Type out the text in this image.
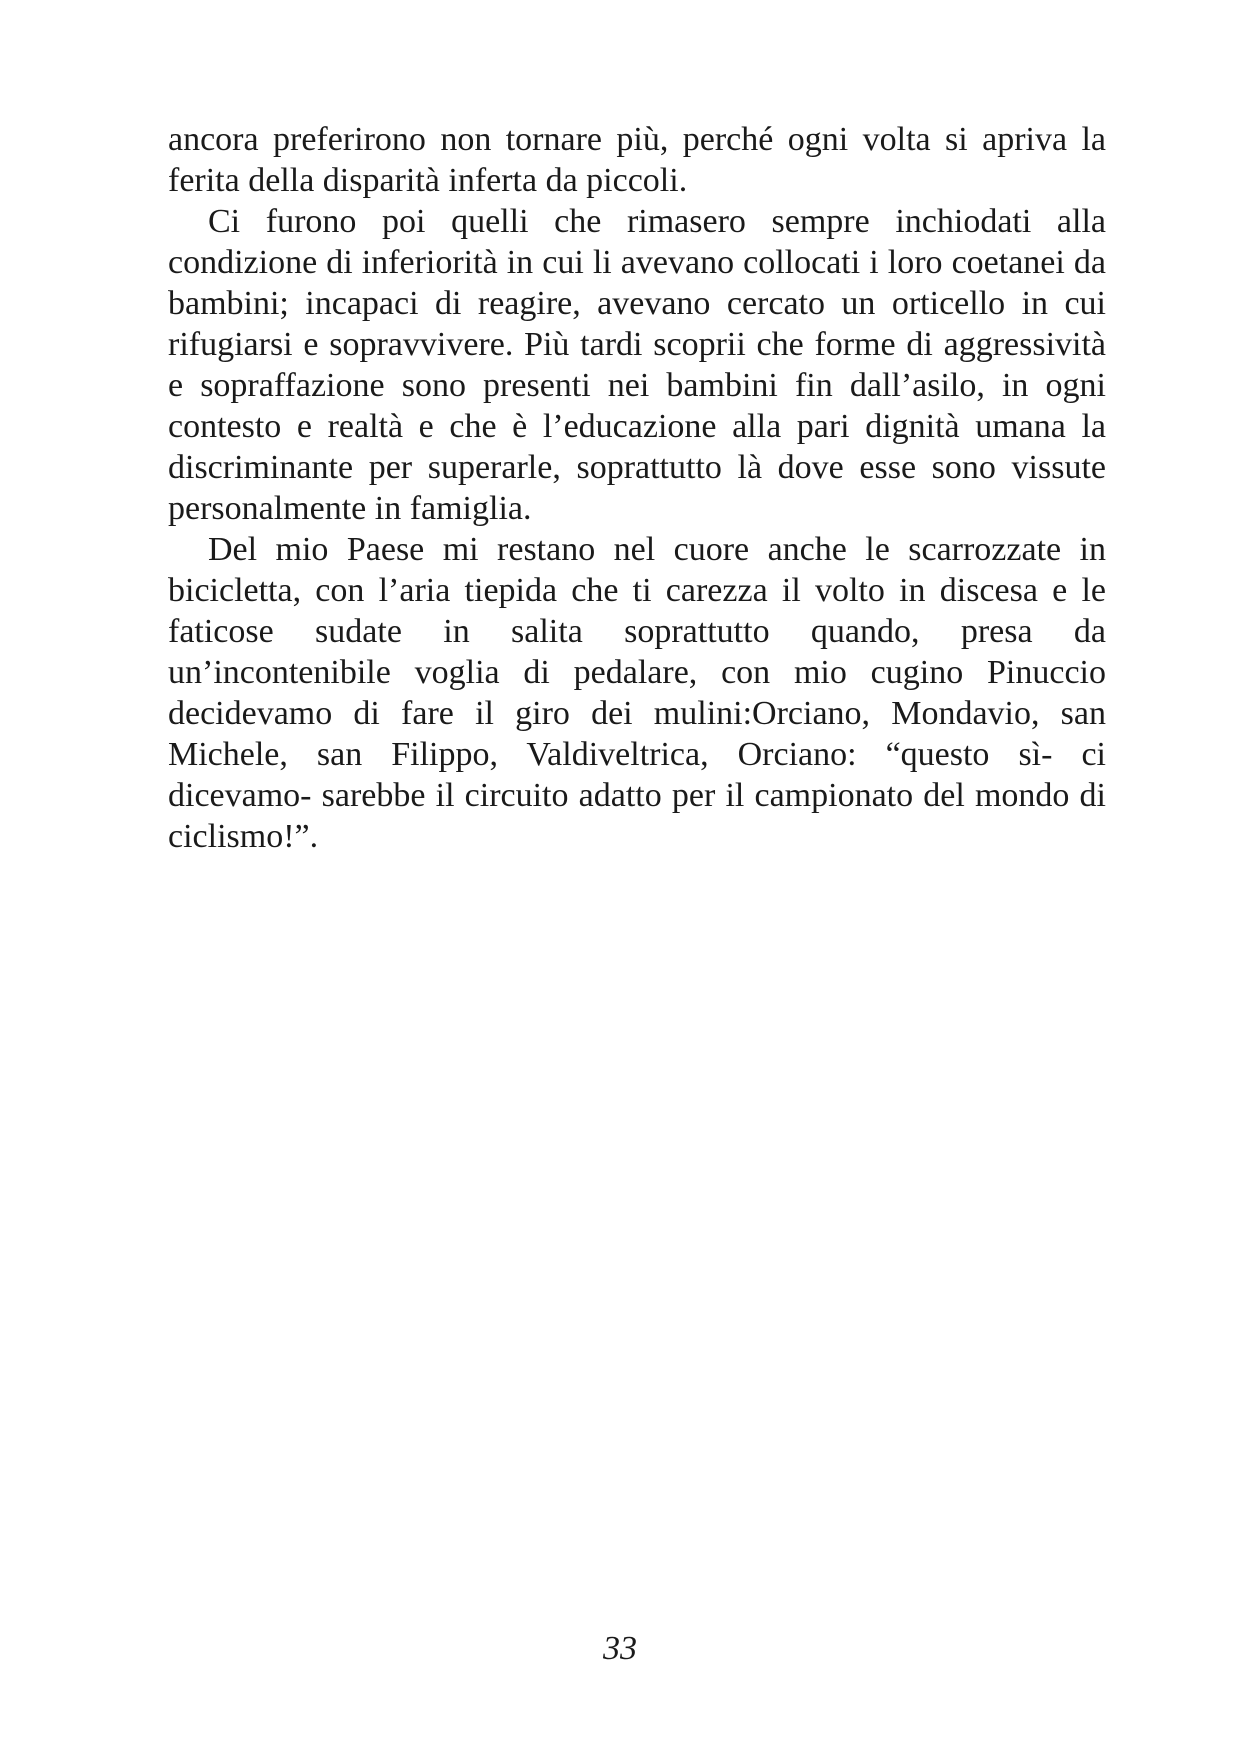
ancora preferirono non tornare più, perché ogni volta si apriva la ferita della disparità inferta da piccoli.

Ci furono poi quelli che rimasero sempre inchiodati alla condizione di inferiorità in cui li avevano collocati i loro coetanei da bambini; incapaci di reagire, avevano cercato un orticello in cui rifugiarsi e sopravvivere. Più tardi scoprii che forme di aggressività e sopraffazione sono presenti nei bambini fin dall’asilo, in ogni contesto e realtà e che è l’educazione alla pari dignità umana la discriminante per superarle, soprattutto là dove esse sono vissute personalmente in famiglia.

Del mio Paese mi restano nel cuore anche le scarrozzate in bicicletta, con l’aria tiepida che ti carezza il volto in discesa e le faticose sudate in salita soprattutto quando, presa da un’incontenibile voglia di pedalare, con mio cugino Pinuccio decidevamo di fare il giro dei mulini:Orciano, Mondavio, san Michele, san Filippo, Valdiveltrica, Orciano: “questo sì- ci dicevamo- sarebbe il circuito adatto per il campionato del mondo di ciclismo!”.

33
